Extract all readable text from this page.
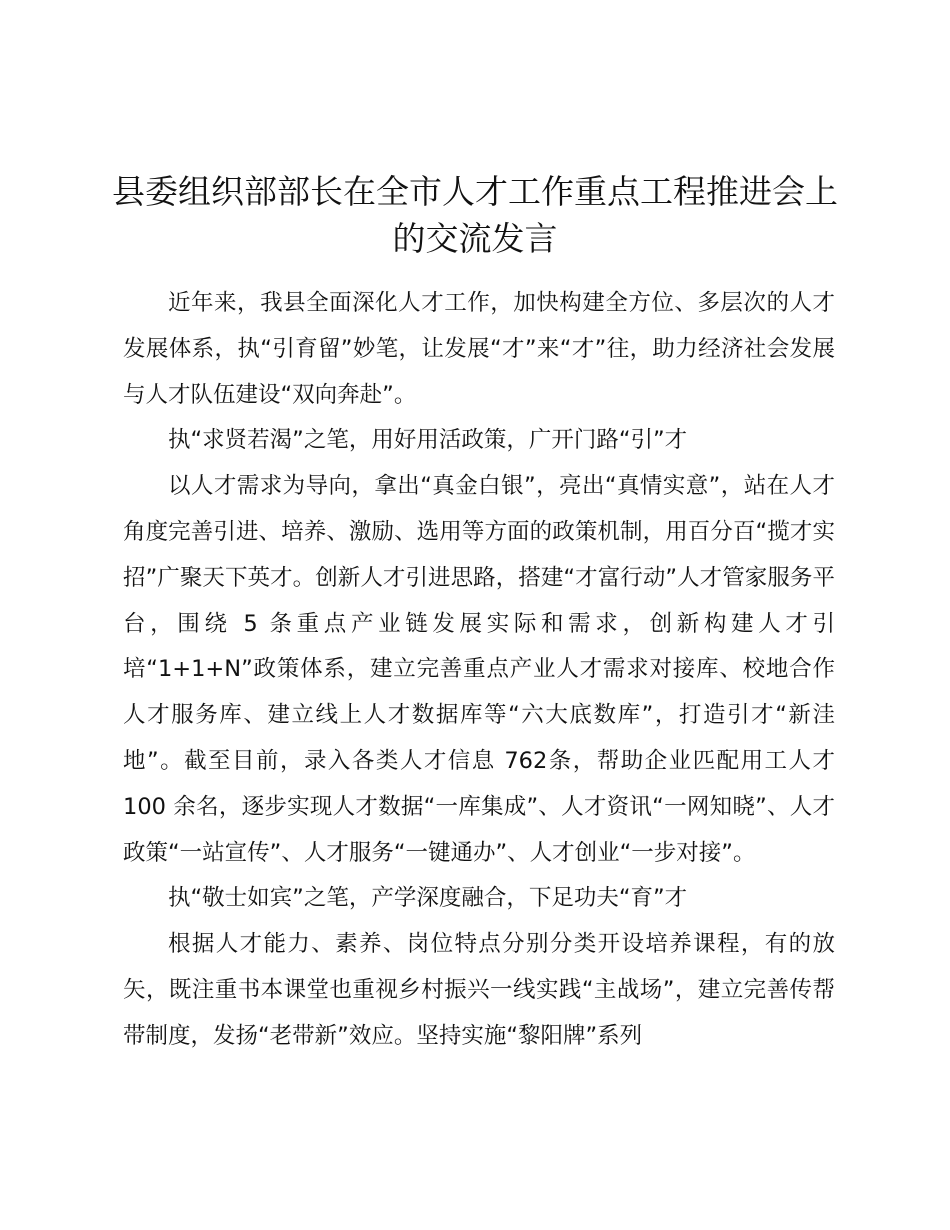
县委组织部部长在全市人才工作重点工程推进会上的交流发言

近年来，我县全面深化人才工作，加快构建全方位、多层次的人才发展体系，执“引育留”妙笔，让发展“才”来“才”往，助力经济社会发展与人才队伍建设“双向奔赴”。

执“求贤若渴”之笔，用好用活政策，广开门路“引”才

以人才需求为导向，拿出“真金白银”，亮出“真情实意”，站在人才角度完善引进、培养、激励、选用等方面的政策机制，用百分百“揽才实招”广聚天下英才。创新人才引进思路，搭建“才富行动”人才管家服务平台，围绕 5 条重点产业链发展实际和需求，创新构建人才引培“1+1+N”政策体系，建立完善重点产业人才需求对接库、校地合作人才服务库、建立线上人才数据库等“六大底数库”，打造引才“新洼地”。截至目前，录入各类人才信息 762条，帮助企业匹配用工人才 100 余名，逐步实现人才数据“一库集成”、人才资讯“一网知晓”、人才政策“一站宣传”、人才服务“一键通办”、人才创业“一步对接”。

执“敬士如宾”之笔，产学深度融合，下足功夫“育”才

根据人才能力、素养、岗位特点分别分类开设培养课程，有的放矢，既注重书本课堂也重视乡村振兴一线实践“主战场”，建立完善传帮带制度，发扬“老带新”效应。坚持实施“黎阳牌”系列
